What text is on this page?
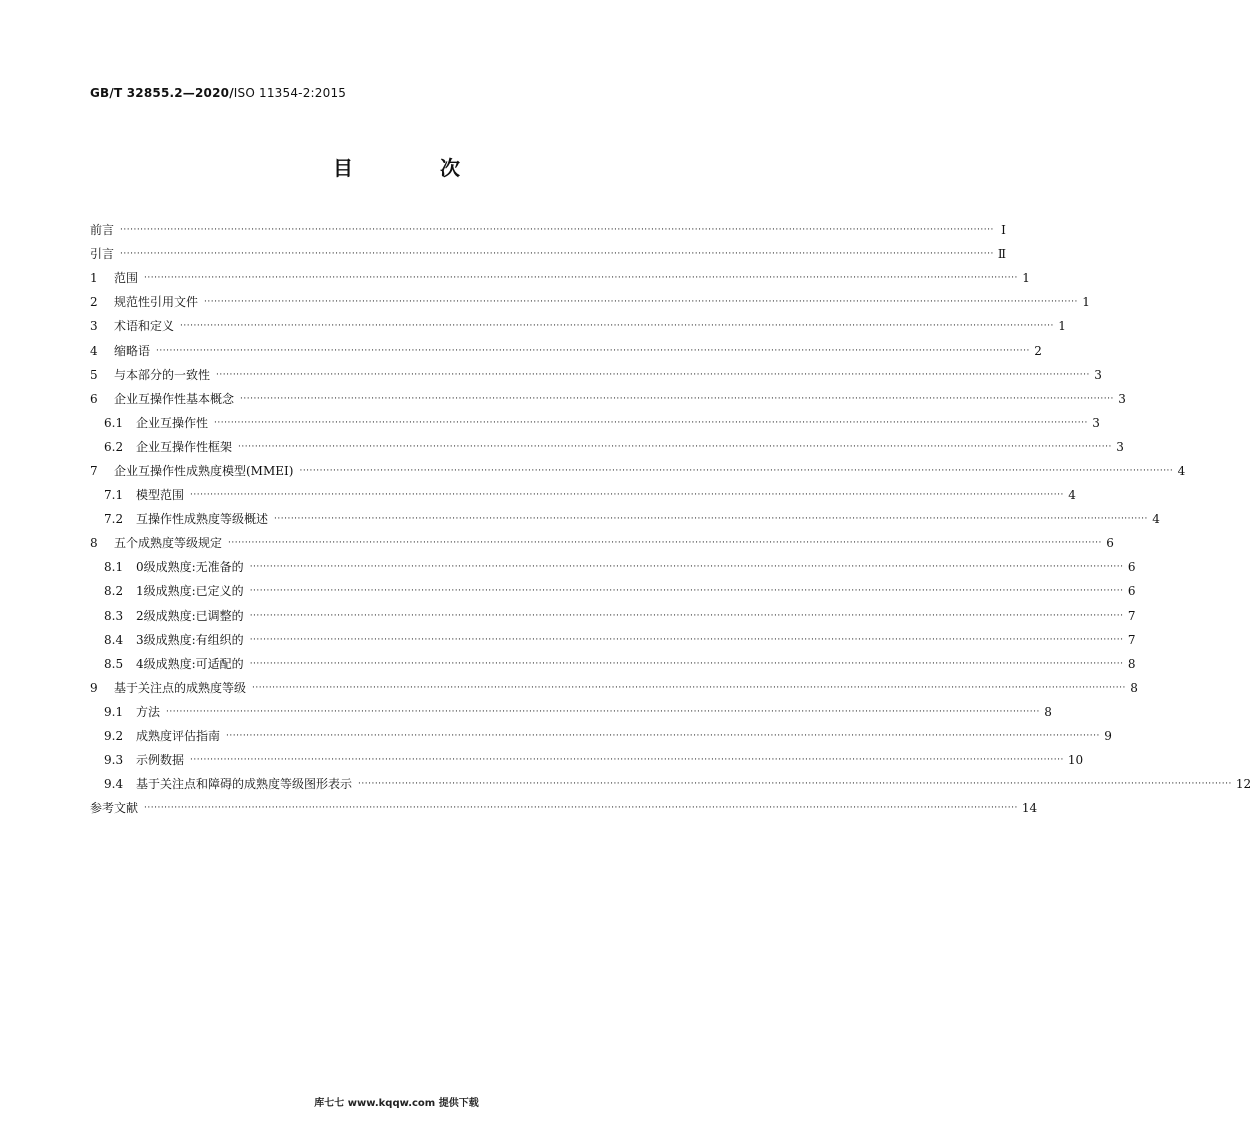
GB/T 32855.2—2020/ISO 11354-2:2015
目 次
前言 ···································································································································································································································································· Ⅰ
引言 ···································································································································································································································································· Ⅱ
1	范围 ···································································································································································································································································· 1
2	规范性引用文件 ···································································································································································································································································· 1
3	术语和定义 ···································································································································································································································································· 1
4	缩略语 ···································································································································································································································································· 2
5	与本部分的一致性 ···································································································································································································································································· 3
6	企业互操作性基本概念 ···································································································································································································································································· 3
6.1	企业互操作性 ···································································································································································································································································· 3
6.2	企业互操作性框架 ···································································································································································································································································· 3
7	企业互操作性成熟度模型(MMEI) ···································································································································································································································································· 4
7.1	模型范围 ···································································································································································································································································· 4
7.2	互操作性成熟度等级概述 ···································································································································································································································································· 4
8	五个成熟度等级规定 ···································································································································································································································································· 6
8.1	0级成熟度:无准备的 ···································································································································································································································································· 6
8.2	1级成熟度:已定义的 ···································································································································································································································································· 6
8.3	2级成熟度:已调整的 ···································································································································································································································································· 7
8.4	3级成熟度:有组织的 ···································································································································································································································································· 7
8.5	4级成熟度:可适配的 ···································································································································································································································································· 8
9	基于关注点的成熟度等级 ···································································································································································································································································· 8
9.1	方法 ···································································································································································································································································· 8
9.2	成熟度评估指南 ···································································································································································································································································· 9
9.3	示例数据 ···································································································································································································································································· 10
9.4	基于关注点和障碍的成熟度等级图形表示 ···································································································································································································································································· 12
参考文献 ···································································································································································································································································· 14
库七七 www.kqqw.com 提供下载
